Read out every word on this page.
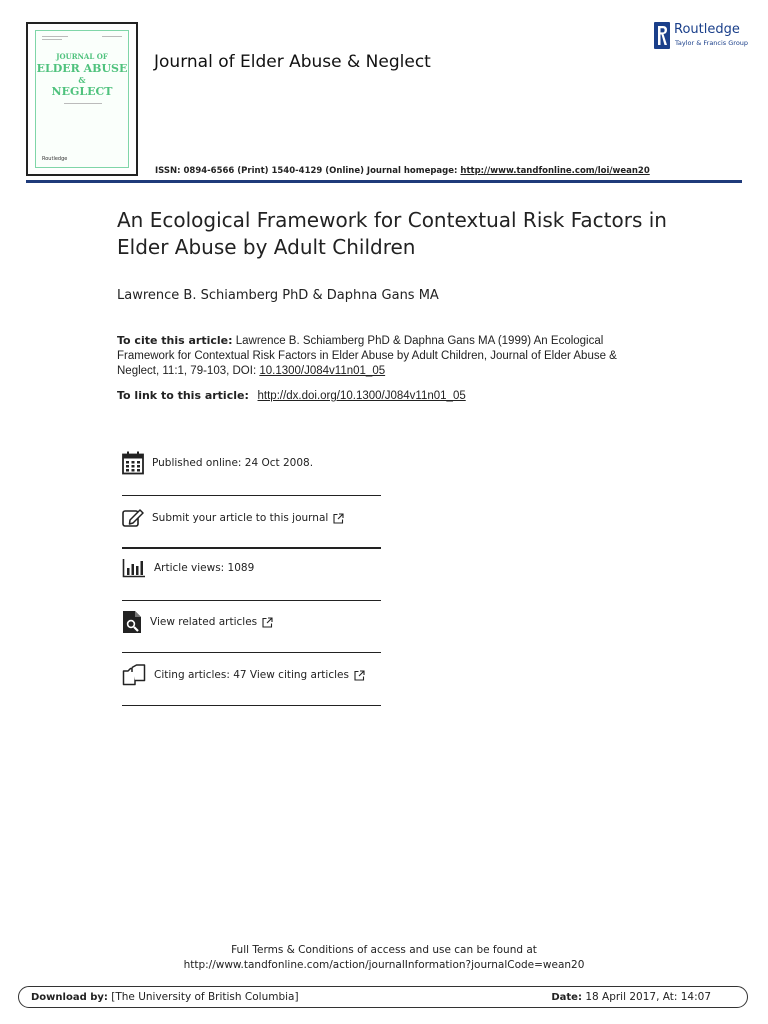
JOURNAL OF
ELDER ABUSE
&
NEGLECT
Routledge
Journal of Elder Abuse & Neglect
Routledge
Taylor & Francis Group
ISSN: 0894-6566 (Print) 1540-4129 (Online) Journal homepage: http://www.tandfonline.com/loi/wean20
An Ecological Framework for Contextual Risk Factors in Elder Abuse by Adult Children
Lawrence B. Schiamberg PhD & Daphna Gans MA
To cite this article: Lawrence B. Schiamberg PhD & Daphna Gans MA (1999) An Ecological Framework for Contextual Risk Factors in Elder Abuse by Adult Children, Journal of Elder Abuse & Neglect, 11:1, 79-103, DOI: 10.1300/J084v11n01_05
To link to this article: http://dx.doi.org/10.1300/J084v11n01_05
Published online: 24 Oct 2008.
Submit your article to this journal
Article views: 1089
View related articles
Citing articles: 47 View citing articles
Full Terms & Conditions of access and use can be found at
http://www.tandfonline.com/action/journalInformation?journalCode=wean20
Download by: [The University of British Columbia]	Date: 18 April 2017, At: 14:07
